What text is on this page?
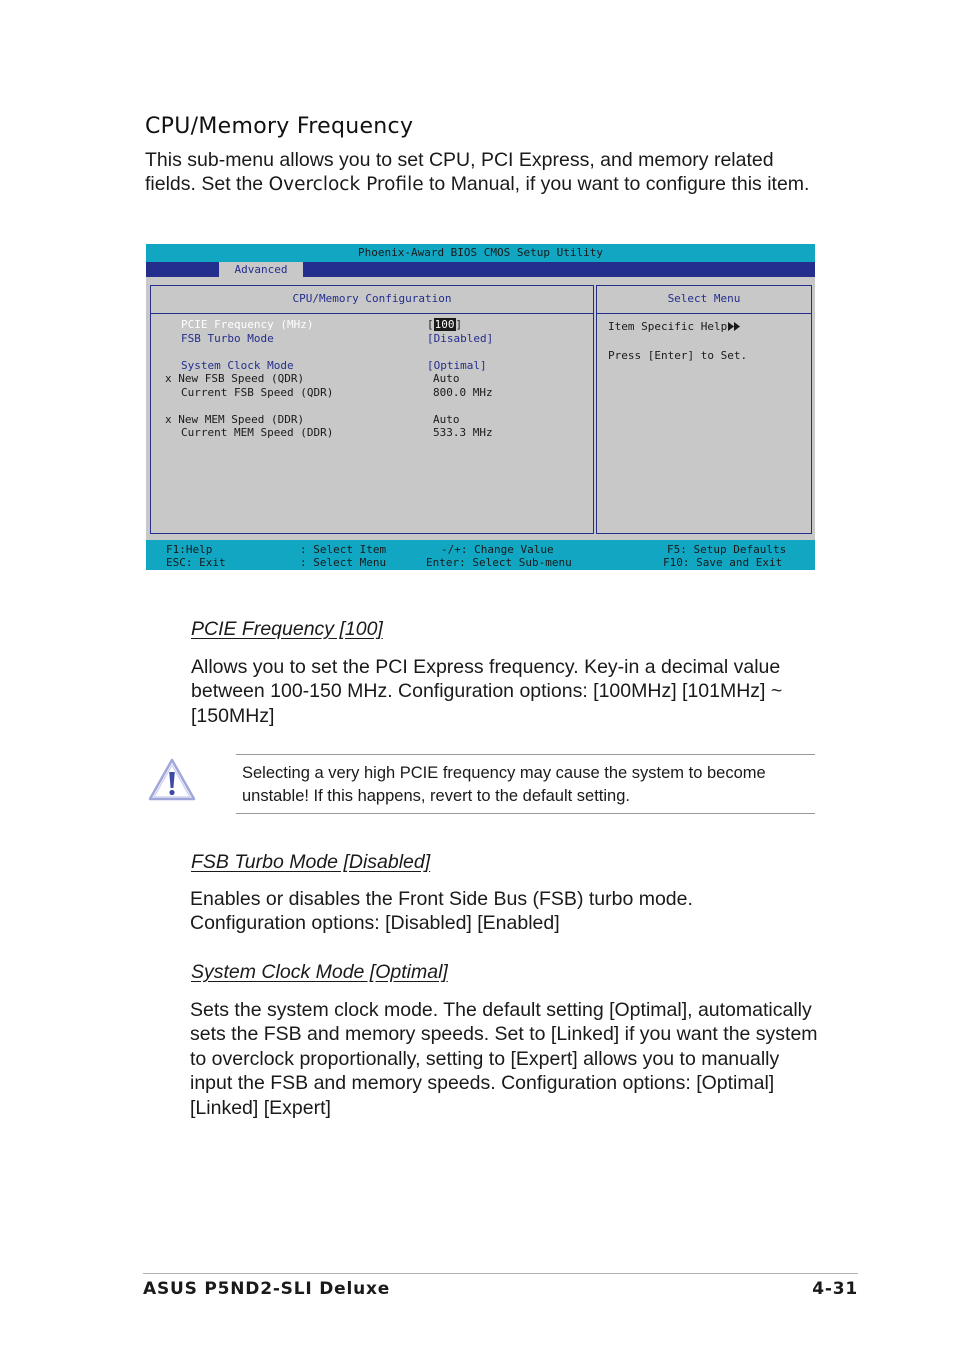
CPU/Memory Frequency
This sub-menu allows you to set CPU, PCI Express, and memory related fields. Set the Overclock Profile to Manual, if you want to configure this item.
Phoenix-Award BIOS CMOS Setup Utility
Advanced
CPU/Memory Configuration
PCIE Frequency (MHz)	[100]
FSB Turbo Mode	[Disabled]
System Clock Mode	[Optimal]
x New FSB Speed (QDR)	Auto
Current FSB Speed (QDR)	800.0 MHz
x New MEM Speed (DDR)	Auto
Current MEM Speed (DDR)	533.3 MHz
Select Menu
Item Specific Help
Press [Enter] to Set.
F1:Help	: Select Item	-/+: Change Value	F5: Setup Defaults
ESC: Exit	: Select Menu	Enter: Select Sub-menu	F10: Save and Exit
PCIE Frequency [100]
Allows you to set the PCI Express frequency. Key-in a decimal value between 100-150 MHz. Configuration options: [100MHz] [101MHz] ~ [150MHz]
Selecting a very high PCIE frequency may cause the system to become unstable! If this happens, revert to the default setting.
FSB Turbo Mode [Disabled]
Enables or disables the Front Side Bus (FSB) turbo mode.
Configuration options: [Disabled] [Enabled]
System Clock Mode [Optimal]
Sets the system clock mode. The default setting [Optimal], automatically sets the FSB and memory speeds. Set to [Linked] if you want the system to overclock proportionally, setting to [Expert] allows you to manually input the FSB and memory speeds. Configuration options: [Optimal] [Linked] [Expert]
ASUS P5ND2-SLI Deluxe	4-31
